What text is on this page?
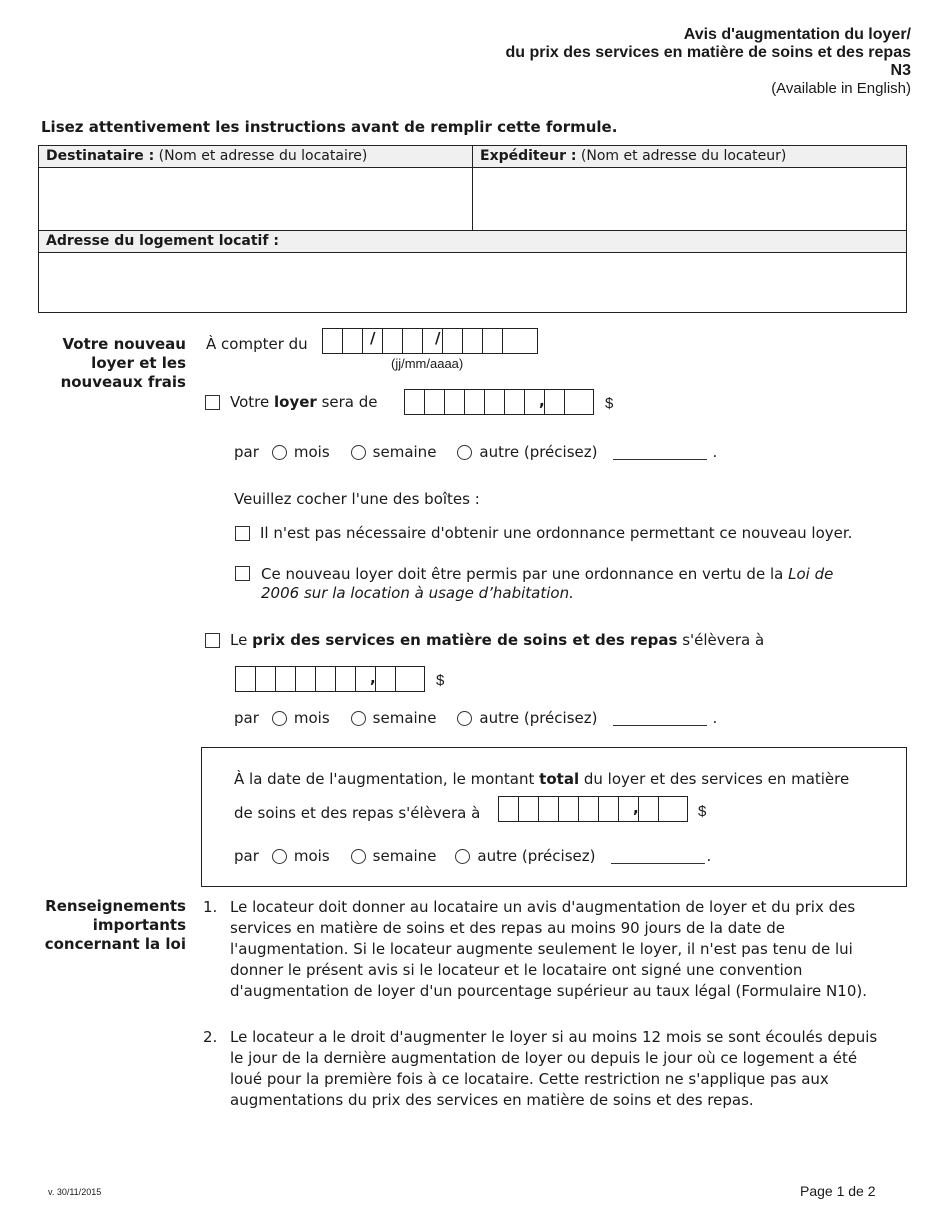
Avis d'augmentation du loyer/
du prix des services en matière de soins et des repas
N3
(Available in English)
Lisez attentivement les instructions avant de remplir cette formule.
Destinataire : (Nom et adresse du locataire)	Expéditeur : (Nom et adresse du locateur)
Adresse du logement locatif :
Votre nouveau
loyer et les
nouveaux frais
À compter du	/	/
(jj/mm/aaaa)
Votre
loyer
sera de	,	$
par mois	semaine	autre (précisez)	.
Veuillez cocher l'une des boîtes :
Il n'est pas nécessaire d'obtenir une ordonnance permettant ce nouveau loyer.
Ce nouveau loyer doit être permis par une ordonnance en vertu de la Loi de
2006 sur la location à usage d’habitation.
Le
prix des services en matière de soins et des repas
s'élèvera à
,	$
par mois	semaine	autre (précisez)	.
À la date de l'augmentation, le montant total du loyer et des services en matière
de soins et des repas s'élèvera à	,	$
par mois	semaine	autre (précisez)	.
Renseignements
importants
concernant la loi
1. Le locateur doit donner au locataire un avis d'augmentation de loyer et du prix des
services en matière de soins et des repas au moins 90 jours de la date de
l'augmentation. Si le locateur augmente seulement le loyer, il n'est pas tenu de lui
donner le présent avis si le locateur et le locataire ont signé une convention
d'augmentation de loyer d'un pourcentage supérieur au taux légal (Formulaire N10).
2. Le locateur a le droit d'augmenter le loyer si au moins 12 mois se sont écoulés depuis
le jour de la dernière augmentation de loyer ou depuis le jour où ce logement a été
loué pour la première fois à ce locataire. Cette restriction ne s'applique pas aux
augmentations du prix des services en matière de soins et des repas.
v. 30/11/2015	Page 1 de 2
